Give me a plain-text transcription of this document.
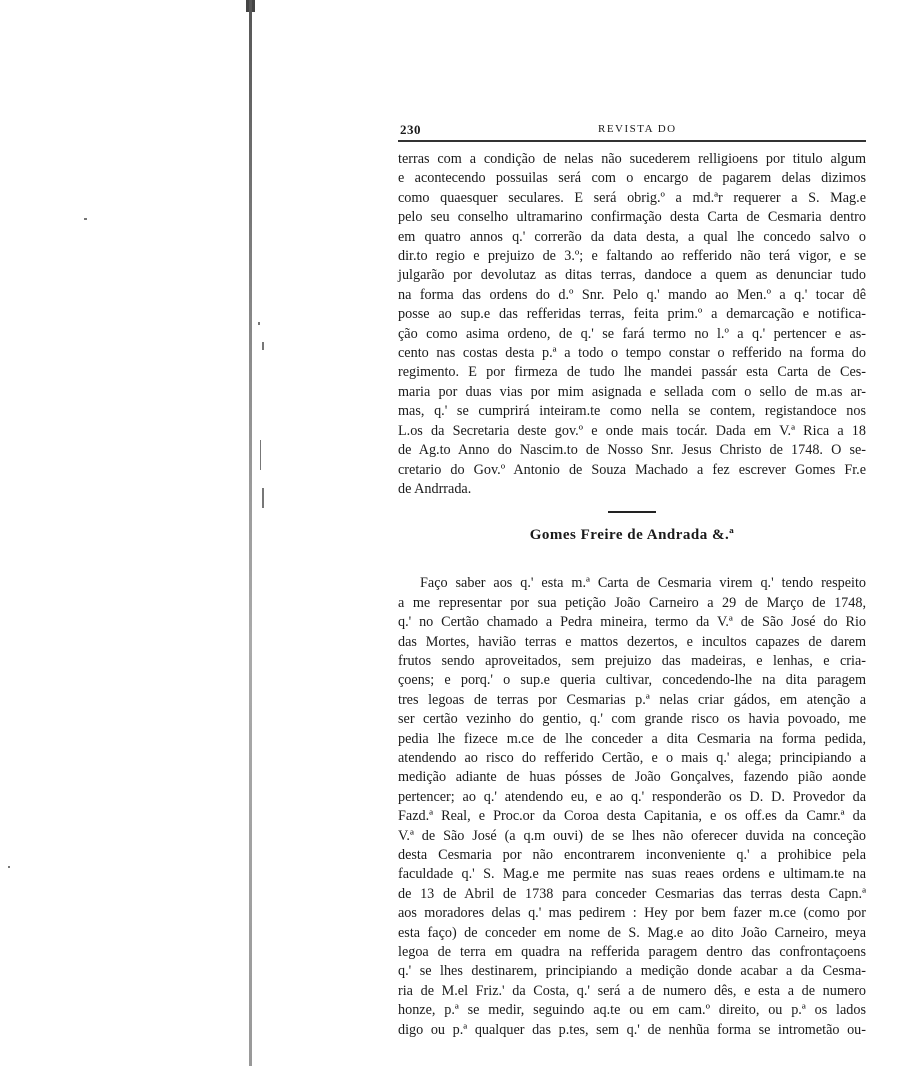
230	REVISTA DO

terras com a condição de nelas não sucederem relligioens por titulo algum
e acontecendo possuilas será com o encargo de pagarem delas dizimos
como quaesquer seculares. E será obrig.º a md.ªr requerer a S. Mag.e
pelo seu conselho ultramarino confirmação desta Carta de Cesmaria dentro
em quatro annos q.' correrão da data desta, a qual lhe concedo salvo o
dir.to regio e prejuizo de 3.º; e faltando ao refferido não terá vigor, e se
julgarão por devolutaz as ditas terras, dandoce a quem as denunciar tudo
na forma das ordens do d.º Snr. Pelo q.' mando ao Men.º a q.' tocar dê
posse ao sup.e das refferidas terras, feita prim.º a demarcação e notifica-
ção como asima ordeno, de q.' se fará termo no l.º a q.' pertencer e as-
cento nas costas desta p.ª a todo o tempo constar o refferido na forma do
regimento. E por firmeza de tudo lhe mandei passár esta Carta de Ces-
maria por duas vias por mim asignada e sellada com o sello de m.as ar-
mas, q.' se cumprirá inteiram.te como nella se contem, registandoce nos
L.os da Secretaria deste gov.º e onde mais tocár. Dada em V.ª Rica a 18
de Ag.to Anno do Nascim.to de Nosso Snr. Jesus Christo de 1748. O se-
cretario do Gov.º Antonio de Souza Machado a fez escrever Gomes Fr.e
de Andrrada.

Gomes Freire de Andrada &.ª

Faço saber aos q.' esta m.ª Carta de Cesmaria virem q.' tendo respeito
a me representar por sua petição João Carneiro a 29 de Março de 1748,
q.' no Certão chamado a Pedra mineira, termo da V.ª de São José do Rio
das Mortes, havião terras e mattos dezertos, e incultos capazes de darem
frutos sendo aproveitados, sem prejuizo das madeiras, e lenhas, e cria-
çoens; e porq.' o sup.e queria cultivar, concedendo-lhe na dita paragem
tres legoas de terras por Cesmarias p.ª nelas criar gádos, em atenção a
ser certão vezinho do gentio, q.' com grande risco os havia povoado, me
pedia lhe fizece m.ce de lhe conceder a dita Cesmaria na forma pedida,
atendendo ao risco do refferido Certão, e o mais q.' alega; principiando a
medição adiante de huas pósses de João Gonçalves, fazendo pião aonde
pertencer; ao q.' atendendo eu, e ao q.' responderão os D. D. Provedor da
Fazd.ª Real, e Proc.or da Coroa desta Capitania, e os off.es da Camr.ª da
V.ª de São José (a q.m ouvi) de se lhes não oferecer duvida na conceção
desta Cesmaria por não encontrarem inconveniente q.' a prohibice pela
faculdade q.' S. Mag.e me permite nas suas reaes ordens e ultimam.te na
de 13 de Abril de 1738 para conceder Cesmarias das terras desta Capn.ª
aos moradores delas q.' mas pedirem : Hey por bem fazer m.ce (como por
esta faço) de conceder em nome de S. Mag.e ao dito João Carneiro, meya
legoa de terra em quadra na refferida paragem dentro das confrontaçoens
q.' se lhes destinarem, principiando a medição donde acabar a da Cesma-
ria de M.el Friz.' da Costa, q.' será a de numero dês, e esta a de numero
honze, p.ª se medir, seguindo aq.te ou em cam.º direito, ou p.ª os lados
digo ou p.ª qualquer das p.tes, sem q.' de nenhũa forma se intrometão ou-
